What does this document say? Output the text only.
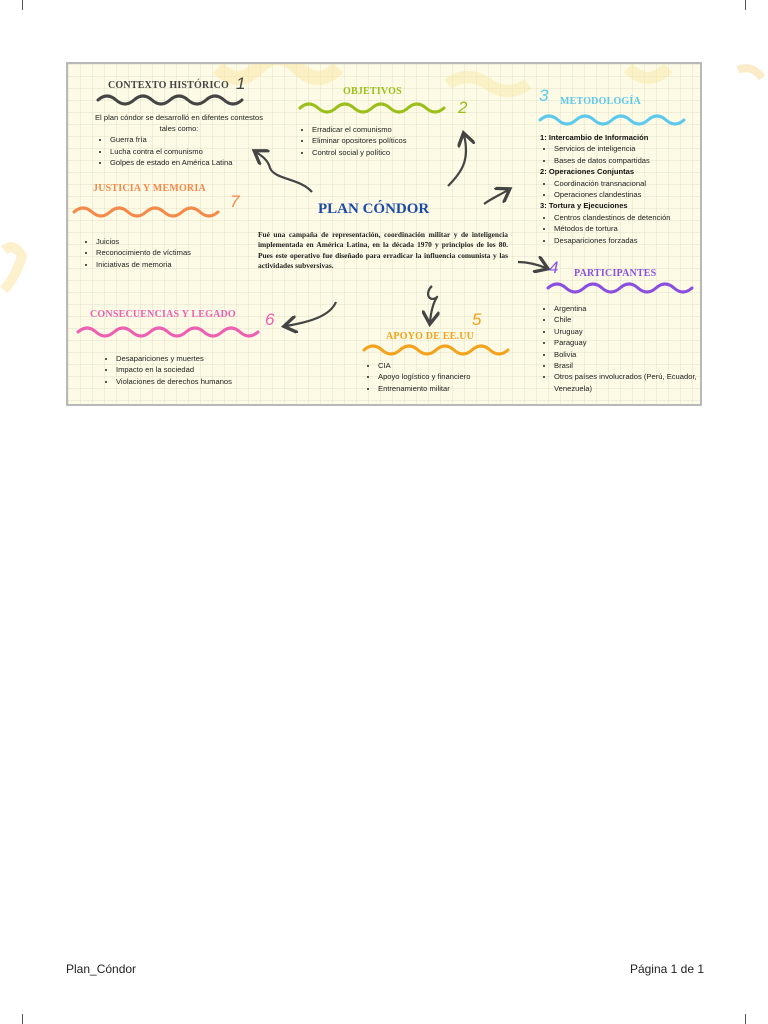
PLAN CÓNDOR
Fué una campaña de representación, coordinación militar y de inteligencia implementada en América Latina, en la década 1970 y principios de los 80. Pues este operativo fue diseñado para erradicar la influencia comunista y las actividades subversivas.
CONTEXTO HISTÓRICO 1
El plan cóndor se desarrolló en difentes contestos tales como:
• Guerra fría
• Lucha contra el comunismo
• Golpes de estado en América Latina
OBJETIVOS
2
• Erradicar el comunismo
• Eliminar opositores políticos
• Control social y político
3 METODOLOGÍA
1: Intercambio de Información
• Servicios de inteligencia
• Bases de datos compartidas
2: Operaciones Conjuntas
• Coordinación transnacional
• Operaciones clandestinas
3: Tortura y Ejecuciones
• Centros clandestinos de detención
• Métodos de tortura
• Desapariciones forzadas
4 PARTICIPANTES
• Argentina
• Chile
• Uruguay
• Paraguay
• Bolivia
• Brasil
• Otros países involucrados (Perú, Ecuador, Venezuela)
APOYO DE EE.UU
5
• CIA
• Apoyo logístico y financiero
• Entrenamiento militar
CONSECUENCIAS Y LEGADO 6
• Desapariciones y muertes
• Impacto en la sociedad
• Violaciones de derechos humanos
JUSTICIA Y MEMORIA
7
• Juicios
• Reconocimiento de víctimas
• Iniciativas de memoria
Plan_Cóndor	Página 1 de 1
